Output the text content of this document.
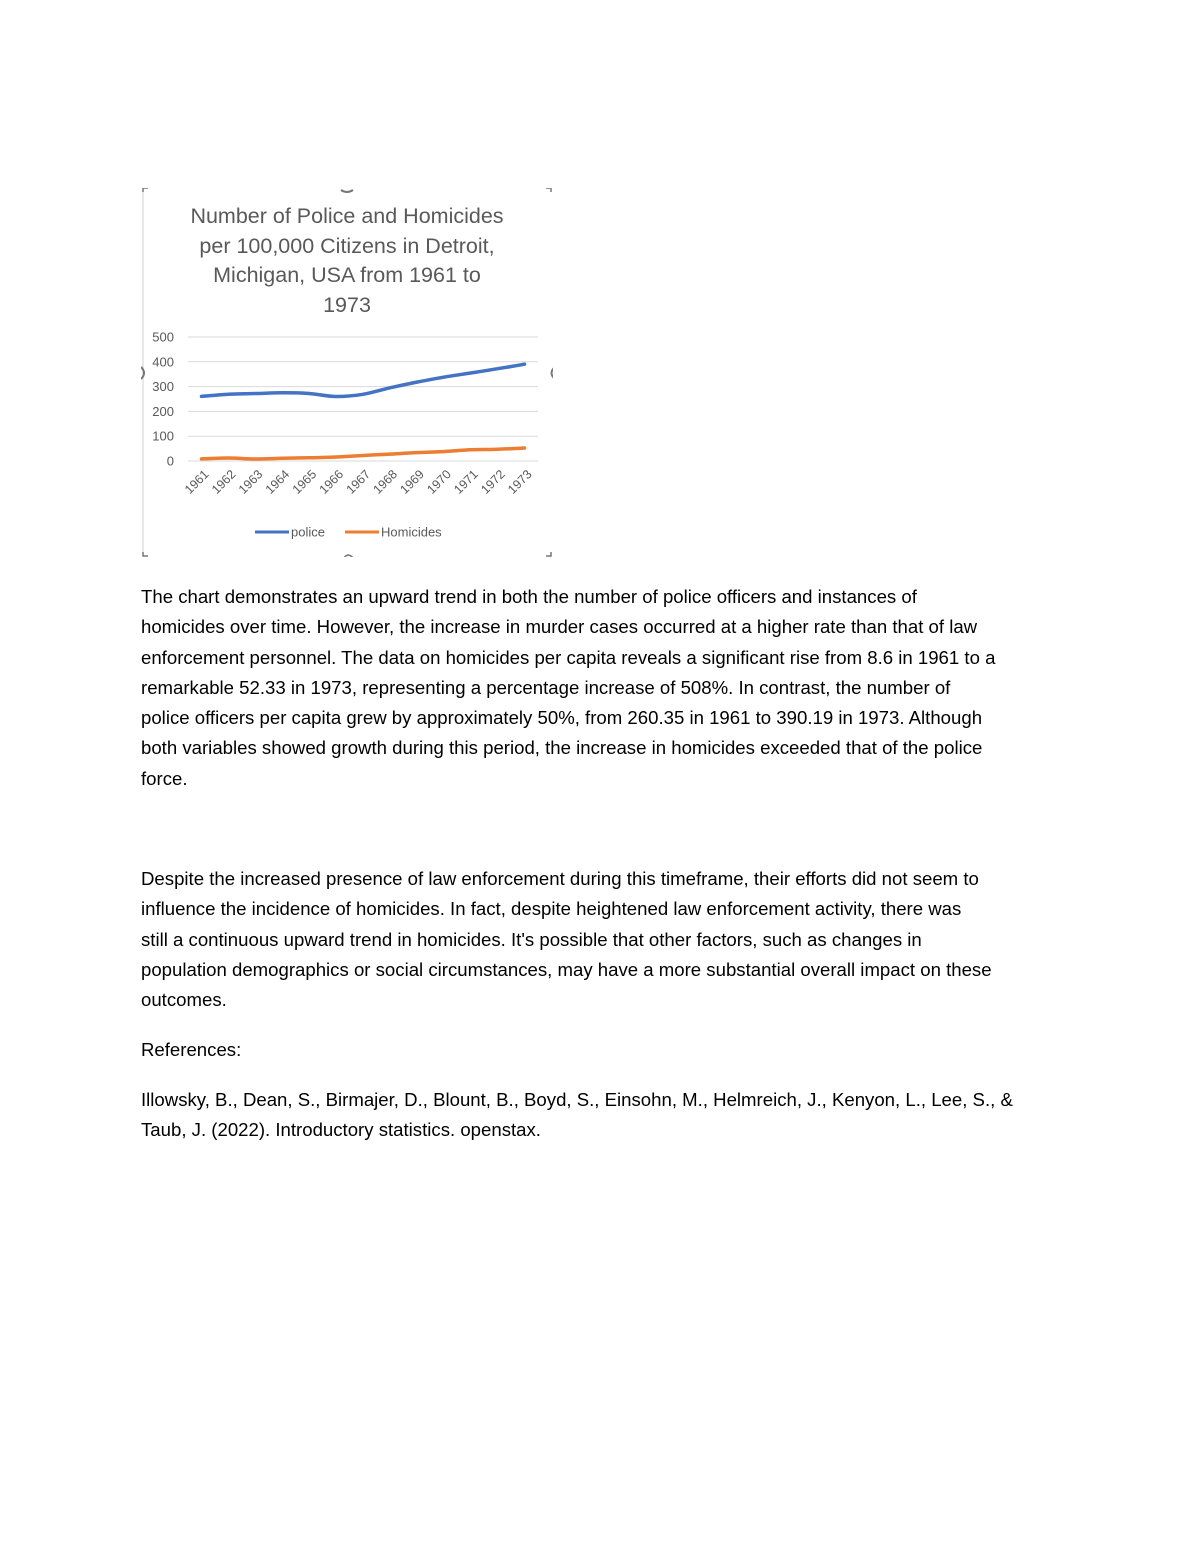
0
100
200
300
400
500
1961
1962
1963
1964
1965
1966
1967
1968
1969
1970
1971
1972
1973
police	Homicides
Number of Police and Homicides
per 100,000 Citizens in Detroit,
Michigan, USA from 1961 to
1973
The chart demonstrates an upward trend in both the number of police officers and instances of
homicides over time. However, the increase in murder cases occurred at a higher rate than that of law
enforcement personnel. The data on homicides per capita reveals a significant rise from 8.6 in 1961 to a
remarkable 52.33 in 1973, representing a percentage increase of 508%. In contrast, the number of
police officers per capita grew by approximately 50%, from 260.35 in 1961 to 390.19 in 1973. Although
both variables showed growth during this period, the increase in homicides exceeded that of the police
force.
Despite the increased presence of law enforcement during this timeframe, their efforts did not seem to
influence the incidence of homicides. In fact, despite heightened law enforcement activity, there was
still a continuous upward trend in homicides. It's possible that other factors, such as changes in
population demographics or social circumstances, may have a more substantial overall impact on these
outcomes.
References:
Illowsky, B., Dean, S., Birmajer, D., Blount, B., Boyd, S., Einsohn, M., Helmreich, J., Kenyon, L., Lee, S., &
Taub, J. (2022). Introductory statistics. openstax.
